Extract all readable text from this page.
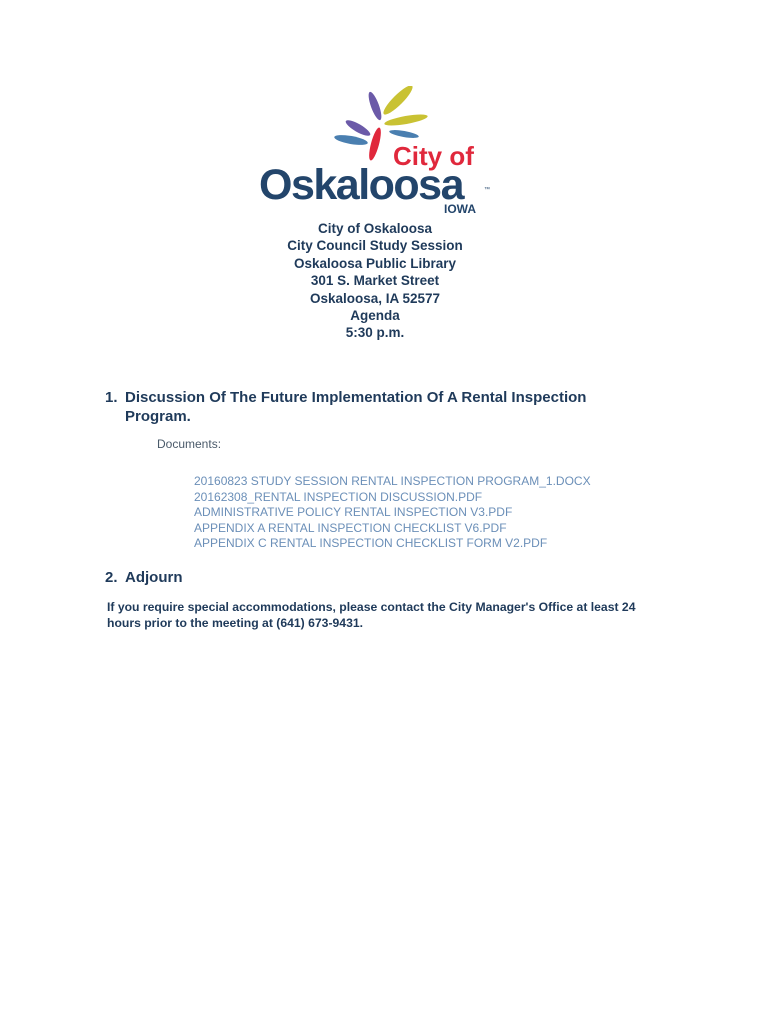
City of
Oskaloosa	™
IOWA
City of Oskaloosa
City Council Study Session
Oskaloosa Public Library
301 S. Market Street
Oskaloosa, IA 52577
Agenda
5:30 p.m.
1. Discussion Of The Future Implementation Of A Rental Inspection Program.
Documents:
20160823 STUDY SESSION RENTAL INSPECTION PROGRAM_1.DOCX
20162308_RENTAL INSPECTION DISCUSSION.PDF
ADMINISTRATIVE POLICY RENTAL INSPECTION V3.PDF
APPENDIX A RENTAL INSPECTION CHECKLIST V6.PDF
APPENDIX C RENTAL INSPECTION CHECKLIST FORM V2.PDF
2. Adjourn
If you require special accommodations, please contact the City Manager's Office at least 24 hours prior to the meeting at (641) 673-9431.
